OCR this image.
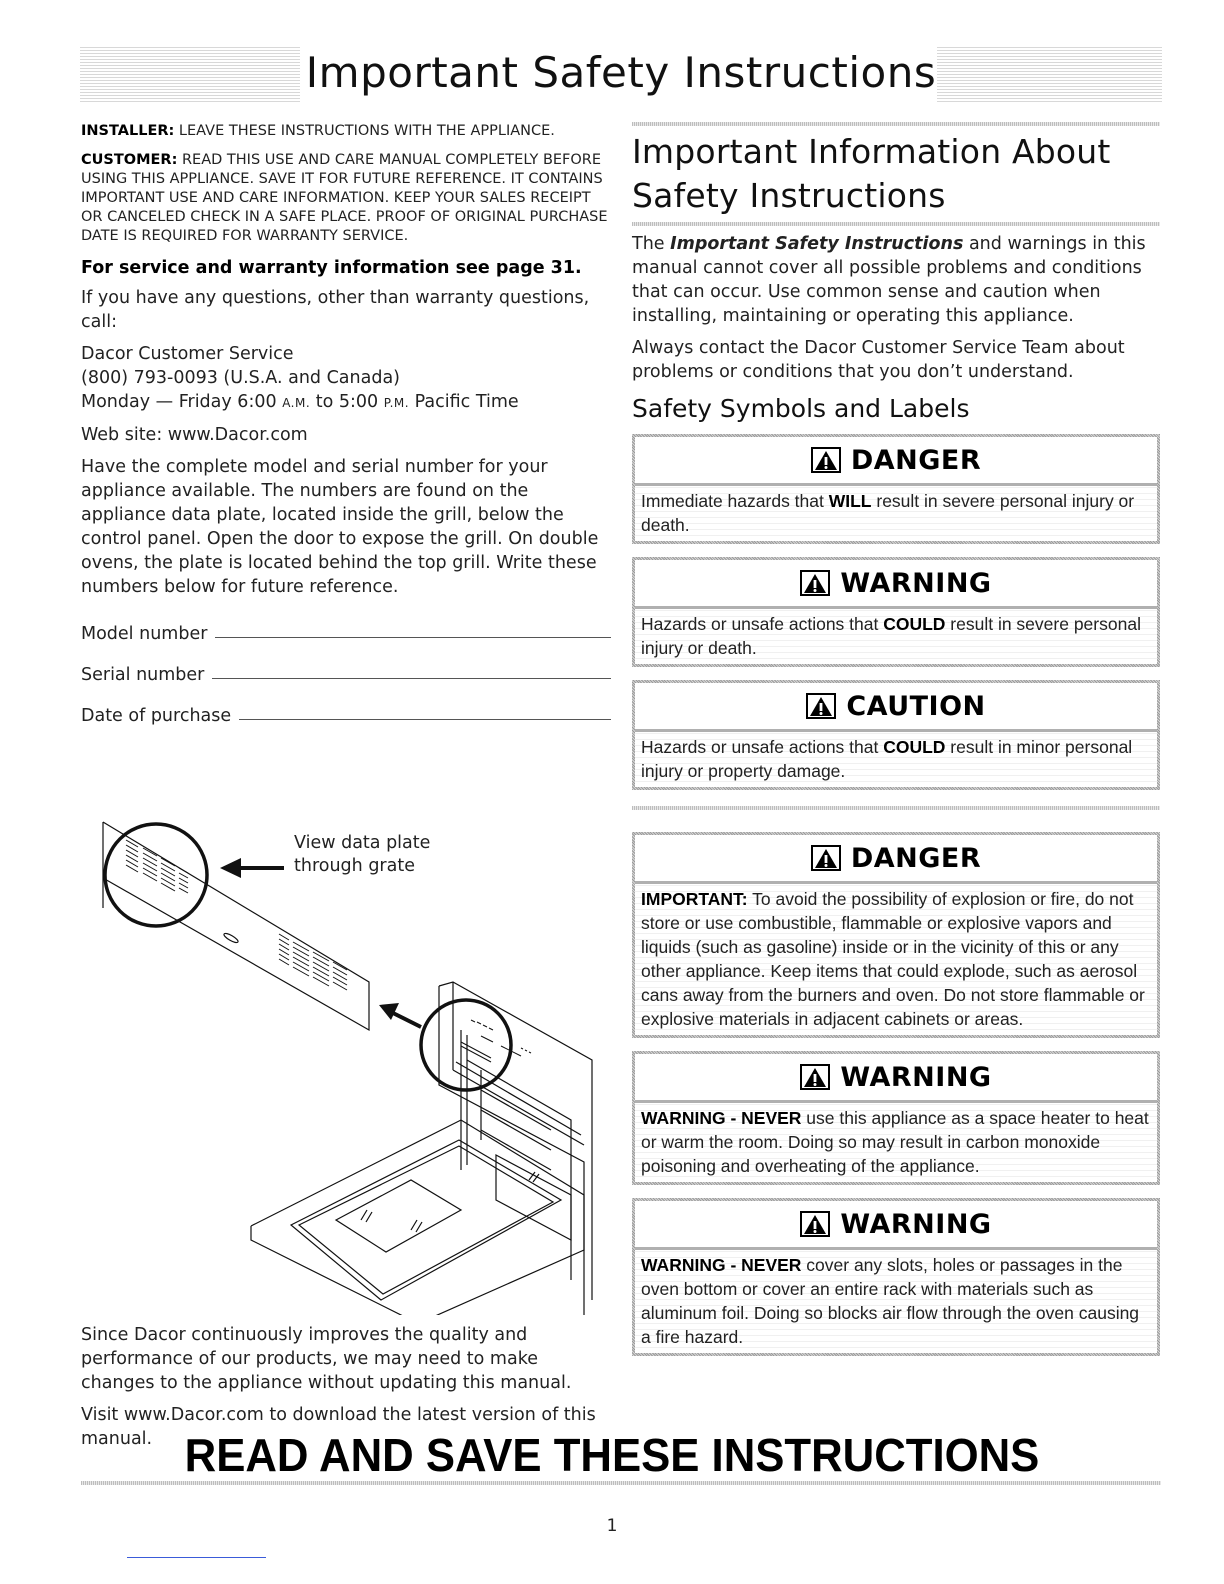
Important Safety Instructions

INSTALLER: LEAVE THESE INSTRUCTIONS WITH THE APPLIANCE.

CUSTOMER: READ THIS USE AND CARE MANUAL COMPLETELY BEFORE USING THIS APPLIANCE. SAVE IT FOR FUTURE REFERENCE. IT CONTAINS IMPORTANT USE AND CARE INFORMATION. KEEP YOUR SALES RECEIPT OR CANCELED CHECK IN A SAFE PLACE. PROOF OF ORIGINAL PURCHASE DATE IS REQUIRED FOR WARRANTY SERVICE.

For service and warranty information see page 31.

If you have any questions, other than warranty questions, call:

Dacor Customer Service
(800) 793-0093 (U.S.A. and Canada)
Monday — Friday 6:00 A.M. to 5:00 P.M. Pacific Time

Web site: www.Dacor.com

Have the complete model and serial number for your appliance available. The numbers are found on the appliance data plate, located inside the grill, below the control panel. Open the door to expose the grill. On double ovens, the plate is located behind the top grill. Write these numbers below for future reference.

Model number
Serial number
Date of purchase
View data plate
through grate

Since Dacor continuously improves the quality and performance of our products, we may need to make changes to the appliance without updating this manual.

Visit www.Dacor.com to download the latest version of this manual.

Important Information About Safety Instructions

The Important Safety Instructions and warnings in this manual cannot cover all possible problems and conditions that can occur. Use common sense and caution when installing, maintaining or operating this appliance.

Always contact the Dacor Customer Service Team about problems or conditions that you don’t understand.

Safety Symbols and Labels
DANGER
Immediate hazards that WILL result in severe personal injury or death.
WARNING
Hazards or unsafe actions that COULD result in severe personal injury or death.
CAUTION
Hazards or unsafe actions that COULD result in minor personal injury or property damage.
DANGER
IMPORTANT: To avoid the possibility of explosion or fire, do not store or use combustible, flammable or explosive vapors and liquids (such as gasoline) inside or in the vicinity of this or any other appliance. Keep items that could explode, such as aerosol cans away from the burners and oven. Do not store flammable or explosive materials in adjacent cabinets or areas.
WARNING
WARNING - NEVER use this appliance as a space heater to heat or warm the room. Doing so may result in carbon monoxide poisoning and overheating of the appliance.
WARNING
WARNING - NEVER cover any slots, holes or passages in the oven bottom or cover an entire rack with materials such as aluminum foil. Doing so blocks air flow through the oven causing a fire hazard.
READ AND SAVE THESE INSTRUCTIONS
1
